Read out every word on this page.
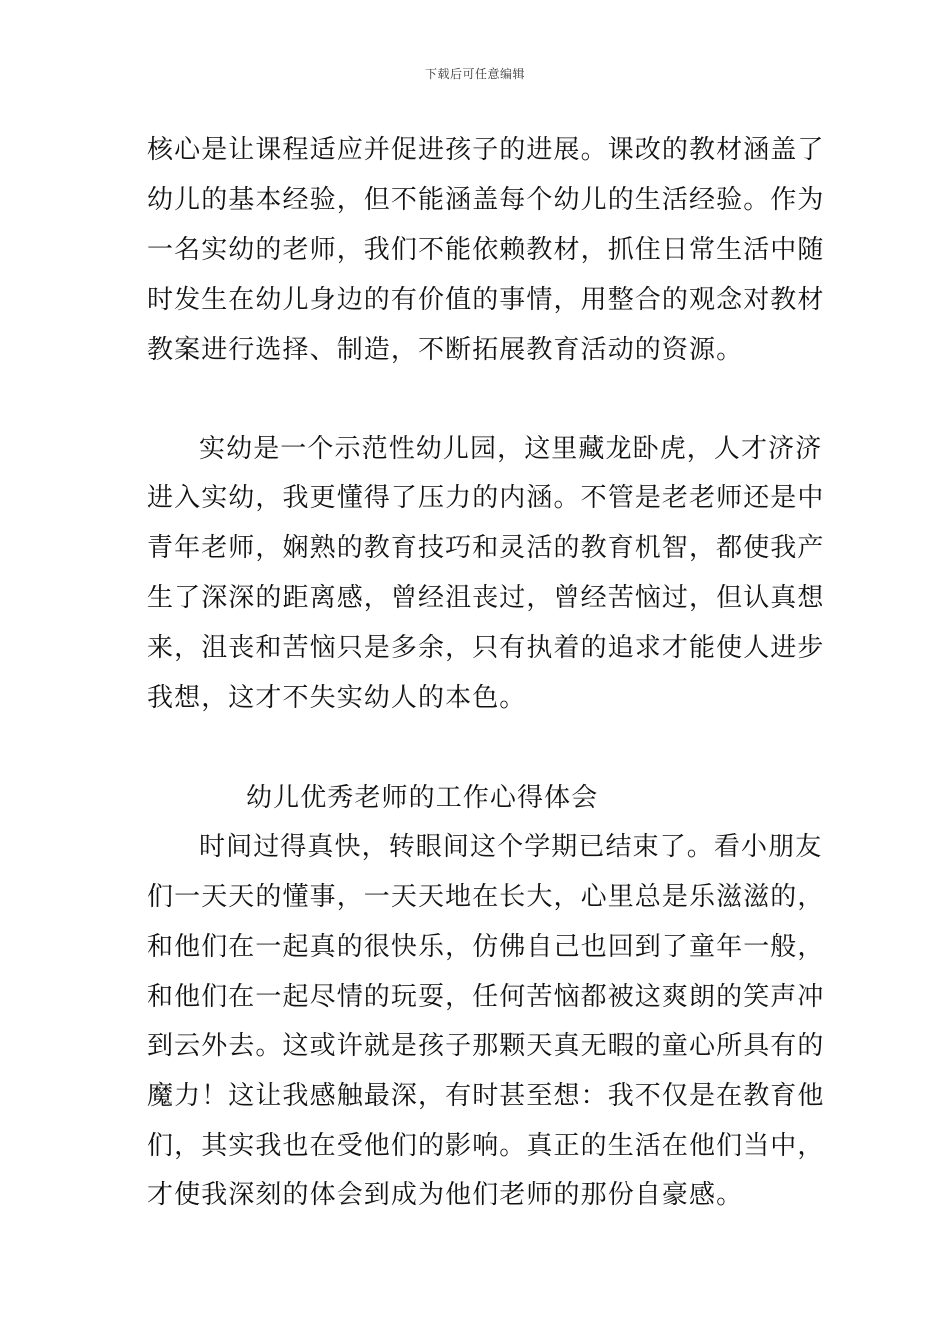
下载后可任意编辑
核心是让课程适应并促进孩子的进展。课改的教材涵盖了
幼儿的基本经验，但不能涵盖每个幼儿的生活经验。作为
一名实幼的老师，我们不能依赖教材，抓住日常生活中随
时发生在幼儿身边的有价值的事情，用整合的观念对教材
教案进行选择、制造，不断拓展教育活动的资源。
实幼是一个示范性幼儿园，这里藏龙卧虎，人才济济
进入实幼，我更懂得了压力的内涵。不管是老老师还是中
青年老师，娴熟的教育技巧和灵活的教育机智，都使我产
生了深深的距离感，曾经沮丧过，曾经苦恼过，但认真想
来，沮丧和苦恼只是多余，只有执着的追求才能使人进步
我想，这才不失实幼人的本色。
幼儿优秀老师的工作心得体会
时间过得真快，转眼间这个学期已结束了。看小朋友
们一天天的懂事，一天天地在长大，心里总是乐滋滋的，
和他们在一起真的很快乐，仿佛自己也回到了童年一般，
和他们在一起尽情的玩耍，任何苦恼都被这爽朗的笑声冲
到云外去。这或许就是孩子那颗天真无暇的童心所具有的
魔力！这让我感触最深，有时甚至想：我不仅是在教育他
们，其实我也在受他们的影响。真正的生活在他们当中，
才使我深刻的体会到成为他们老师的那份自豪感。
